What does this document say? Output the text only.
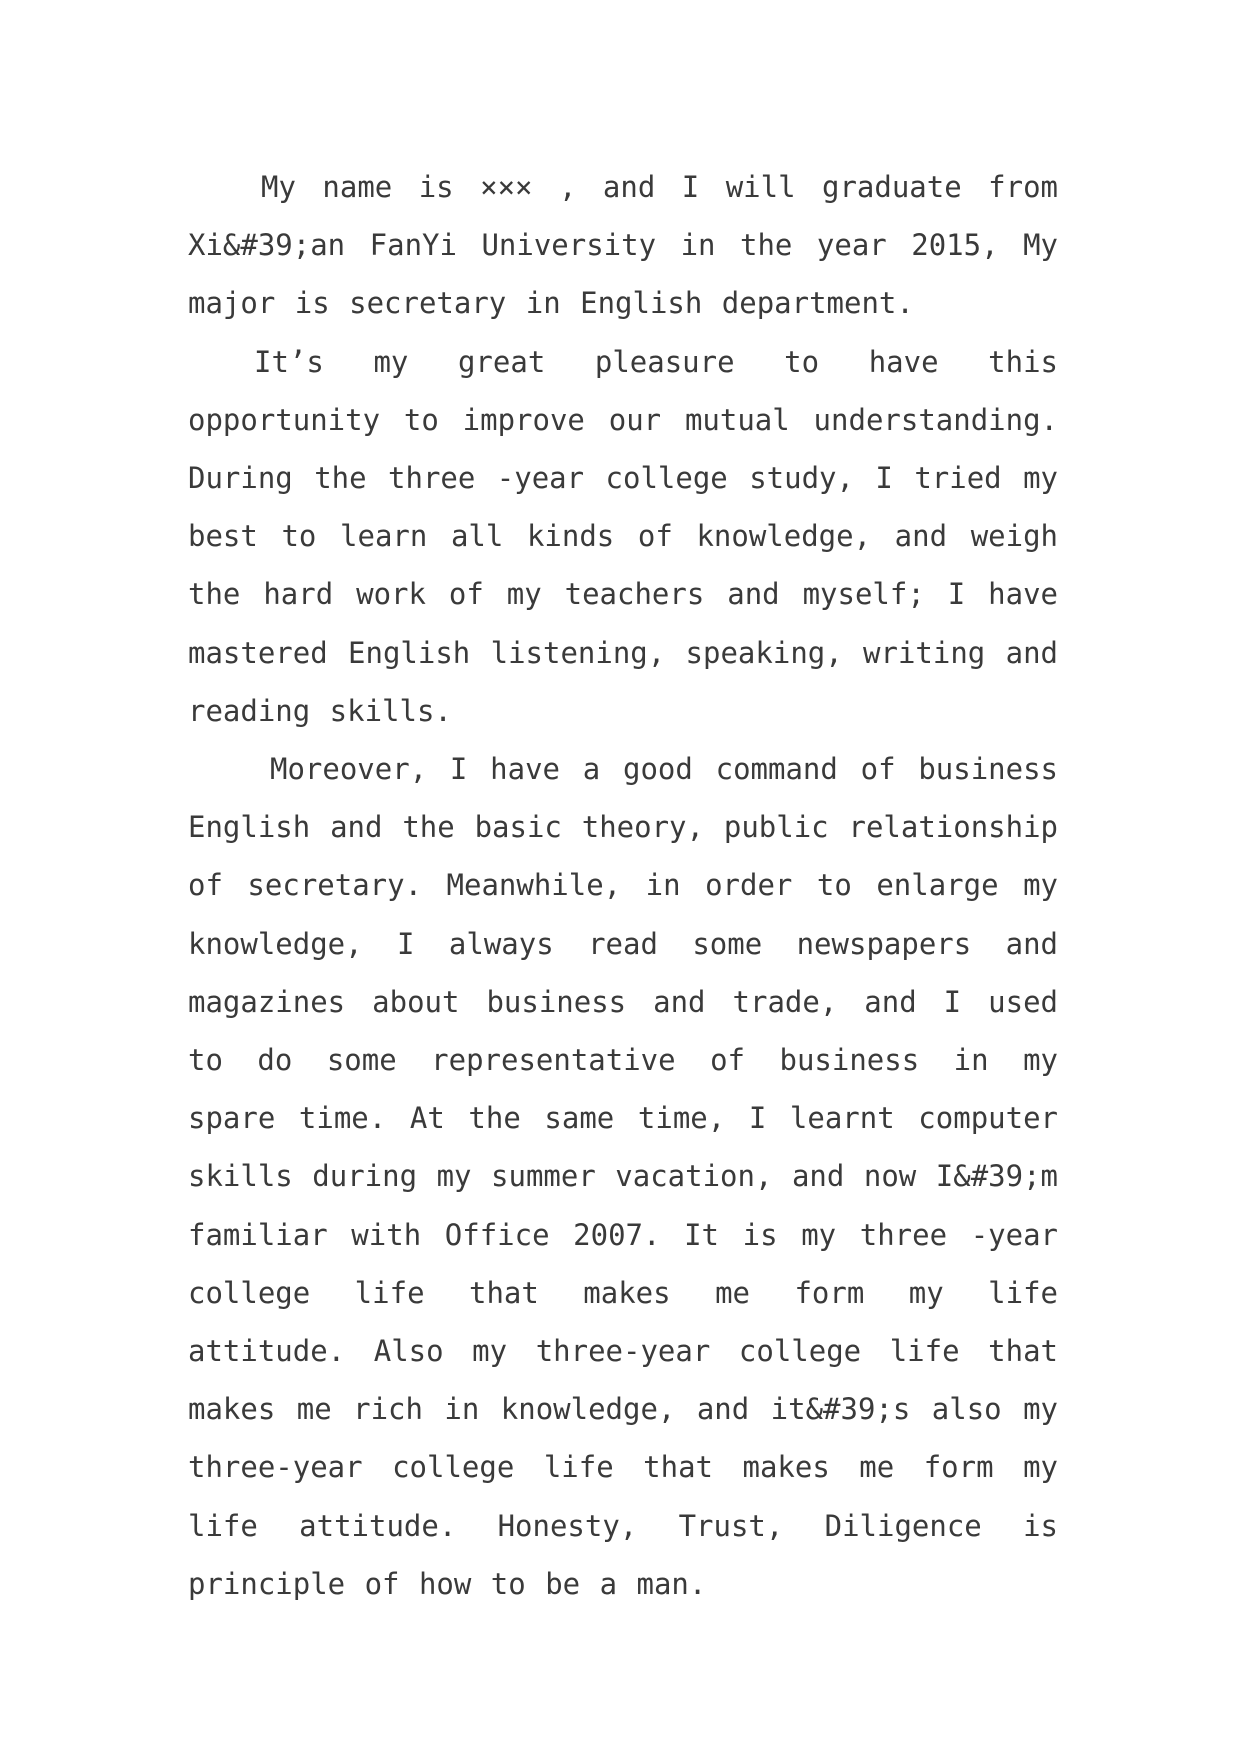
My name is ××× , and I will graduate from Xi&#39;an FanYi University in the year 2015, My major is secretary in English department.

It’s my great pleasure to have this opportunity to improve our mutual understanding. During the three -year college study, I tried my best to learn all kinds of knowledge, and weigh the hard work of my teachers and myself; I have mastered English listening, speaking, writing and reading skills.

Moreover, I have a good command of business English and the basic theory, public relationship of secretary. Meanwhile, in order to enlarge my knowledge, I always read some newspapers and magazines about business and trade, and I used to do some representative of business in my spare time. At the same time, I learnt computer skills during my summer vacation, and now I&#39;m familiar with Office 2007. It is my three -year college life that makes me form my life attitude. Also my three-year college life that makes me rich in knowledge, and it&#39;s also my three-year college life that makes me form my life attitude. Honesty, Trust, Diligence is principle of how to be a man.
